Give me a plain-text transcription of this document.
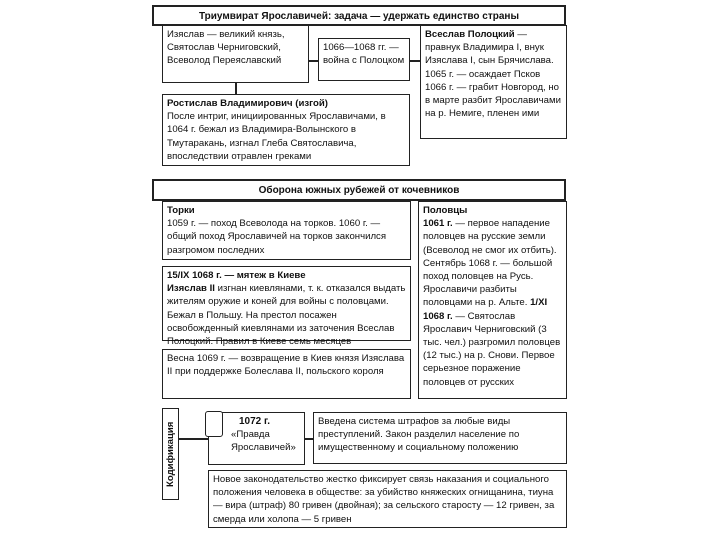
Триумвират Ярославичей: задача — удержать единство страны
Изяслав — великий князь, Святослав Черниговский, Всеволод Переяславский
1066—1068 гг. — война с Полоцком
Всеслав Полоцкий — правнук Владимира I, внук Изяслава I, сын Брячислава. 1065 г. — осаждает Псков 1066 г. — грабит Новгород, но в марте разбит Ярославичами на р. Немиге, пленен ими
Ростислав Владимирович (изгой)
После интриг, инициированных Ярославичами, в 1064 г. бежал из Владимира-Волынского в Тмутаракань, изгнал Глеба Святославича, впоследствии отравлен греками
Оборона южных рубежей от кочевников
Торки
1059 г. — поход Всеволода на торков. 1060 г. — общий поход Ярославичей на торков закончился разгромом последних
15/IX 1068 г. — мятеж в Киеве
Изяслав II изгнан киевлянами, т. к. отказался выдать жителям оружие и коней для войны с половцами. Бежал в Польшу. На престол посажен освобожденный киевлянами из заточения Всеслав Полоцкий. Правил в Киеве семь месяцев
Весна 1069 г. — возвращение в Киев князя Изяслава II при поддержке Болеслава II, польского короля
Половцы
1061 г. — первое нападение половцев на русские земли (Всеволод не смог их отбить). Сентябрь 1068 г. — большой поход половцев на Русь. Ярославичи разбиты половцами на р. Альте. 1/XI 1068 г. — Святослав Ярославич Черниговский (3 тыс. чел.) разгромил половцев (12 тыс.) на р. Снови. Первое серьезное поражение половцев от русских
Кодификация	1072 г.
«Правда Ярославичей»
Введена система штрафов за любые виды преступлений. Закон разделил население по имущественному и социальному положению
Новое законодательство жестко фиксирует связь наказания и социального положения человека в обществе: за убийство княжеских огнищанина, тиуна — вира (штраф) 80 гривен (двойная); за сельского старосту — 12 гривен, за смерда или холопа — 5 гривен
